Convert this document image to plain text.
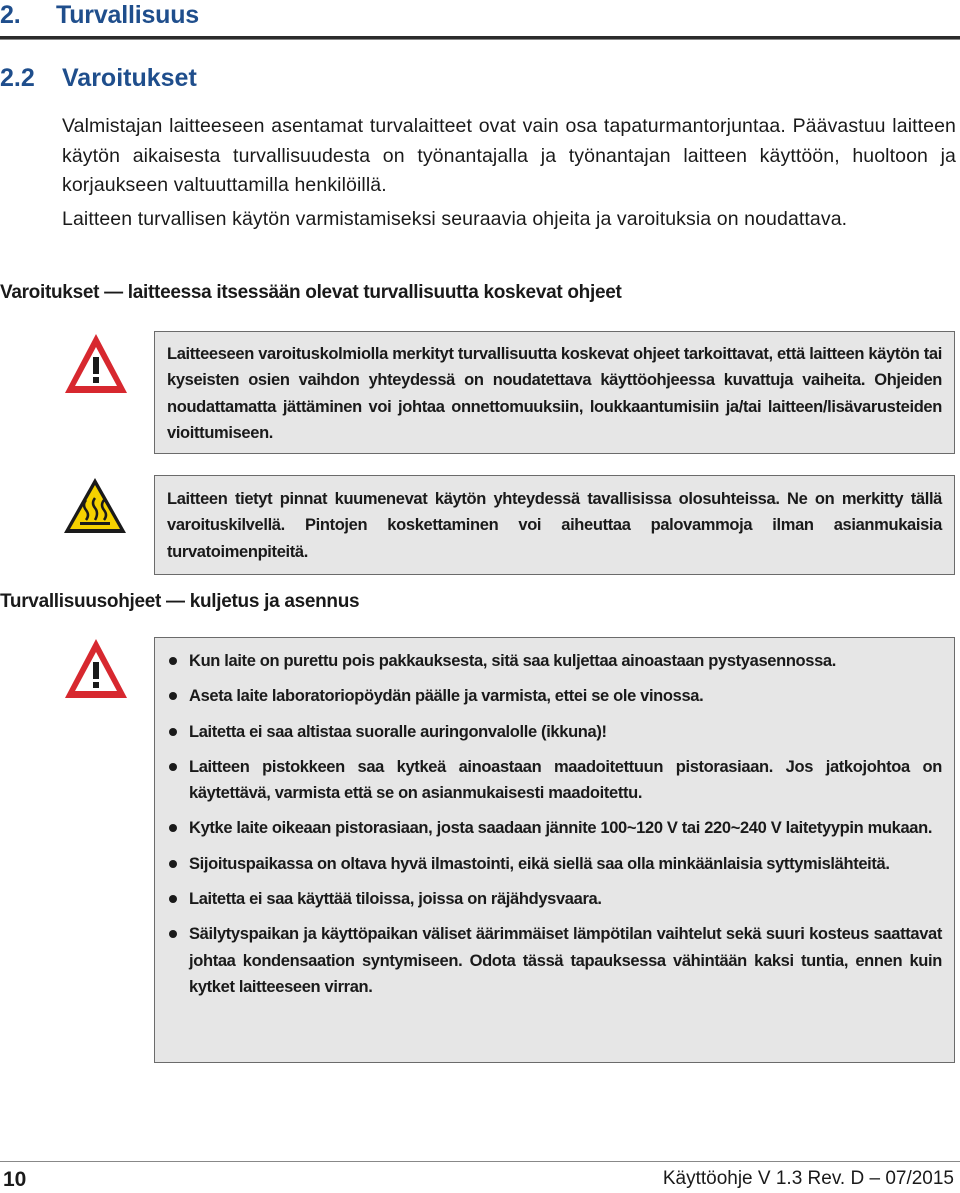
2. Turvallisuus
2.2 Varoitukset

Valmistajan laitteeseen asentamat turvalaitteet ovat vain osa tapaturmantorjuntaa. Päävastuu laitteen käytön aikaisesta turvallisuudesta on työnantajalla ja työnantajan laitteen käyttöön, huoltoon ja korjaukseen valtuuttamilla henkilöillä.

Laitteen turvallisen käytön varmistamiseksi seuraavia ohjeita ja varoituksia on noudattava.

Varoitukset — laitteessa itsessään olevat turvallisuutta koskevat ohjeet
Laitteeseen varoituskolmiolla merkityt turvallisuutta koskevat ohjeet tarkoittavat, että laitteen käytön tai kyseisten osien vaihdon yhteydessä on noudatettava käyttöohjeessa kuvattuja vaiheita. Ohjeiden noudattamatta jättäminen voi johtaa onnettomuuksiin, loukkaantumisiin ja/tai laitteen/lisävarusteiden vioittumiseen.
Laitteen tietyt pinnat kuumenevat käytön yhteydessä tavallisissa olosuhteissa. Ne on merkitty tällä varoituskilvellä. Pintojen koskettaminen voi aiheuttaa palovammoja ilman asianmukaisia turvatoimenpiteitä.
Turvallisuusohjeet — kuljetus ja asennus
Kun laite on purettu pois pakkauksesta, sitä saa kuljettaa ainoastaan pystyasennossa.
Aseta laite laboratoriopöydän päälle ja varmista, ettei se ole vinossa.
Laitetta ei saa altistaa suoralle auringonvalolle (ikkuna)!
Laitteen pistokkeen saa kytkeä ainoastaan maadoitettuun pistorasiaan. Jos jatkojohtoa on käytettävä, varmista että se on asianmukaisesti maadoitettu.
Kytke laite oikeaan pistorasiaan, josta saadaan jännite 100~120 V tai 220~240 V laitetyypin mukaan.
Sijoituspaikassa on oltava hyvä ilmastointi, eikä siellä saa olla minkäänlaisia syttymislähteitä.
Laitetta ei saa käyttää tiloissa, joissa on räjähdysvaara.
Säilytyspaikan ja käyttöpaikan väliset äärimmäiset lämpötilan vaihtelut sekä suuri kosteus saattavat johtaa kondensaation syntymiseen. Odota tässä tapauksessa vähintään kaksi tuntia, ennen kuin kytket laitteeseen virran.
10	Käyttöohje V 1.3 Rev. D – 07/2015
